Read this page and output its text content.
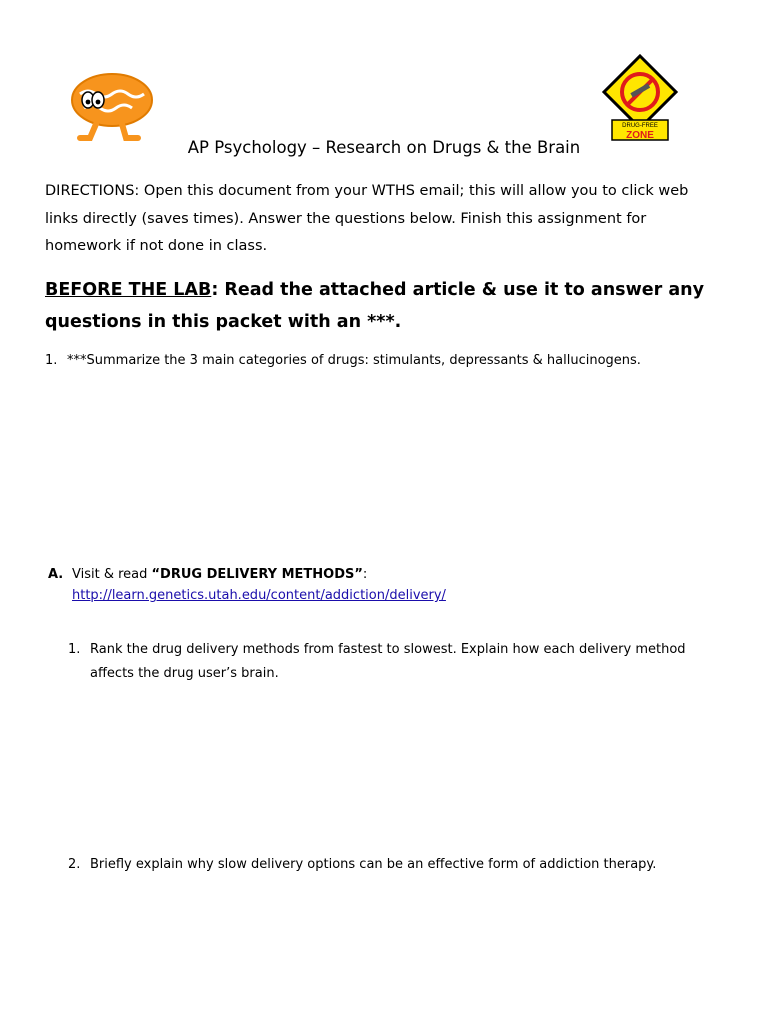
DRUG-FREE
ZONE
AP Psychology – Research on Drugs & the Brain
DIRECTIONS: Open this document from your WTHS email; this will allow you to click web links directly (saves times). Answer the questions below. Finish this assignment for homework if not done in class.
BEFORE THE LAB: Read the attached article & use it to answer any questions in this packet with an ***.
1. ***Summarize the 3 main categories of drugs: stimulants, depressants & hallucinogens.
A. Visit & read “DRUG DELIVERY METHODS”:
http://learn.genetics.utah.edu/content/addiction/delivery/
1. Rank the drug delivery methods from fastest to slowest. Explain how each delivery method
affects the drug user’s brain.
2. Briefly explain why slow delivery options can be an effective form of addiction therapy.
